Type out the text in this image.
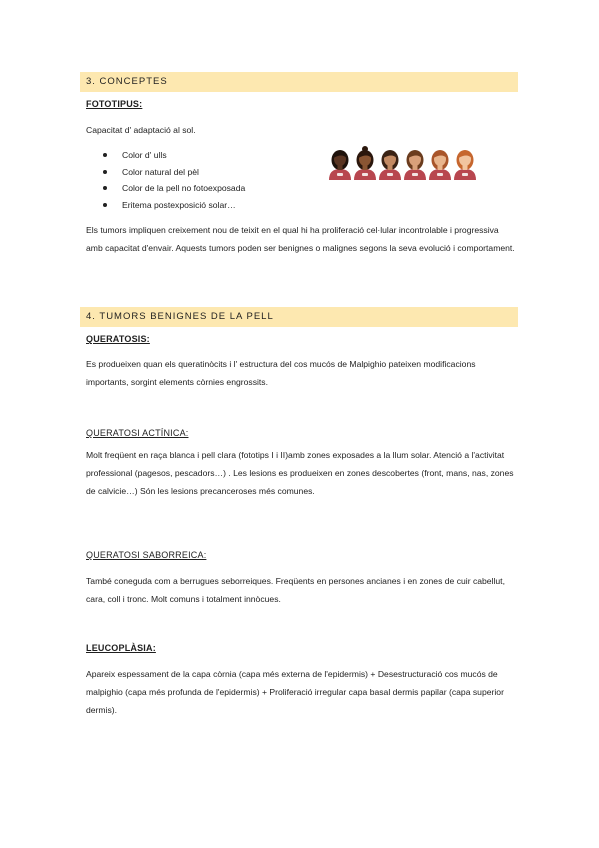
3. CONCEPTES
FOTOTIPUS:
Capacitat d' adaptació al sol.
Color d' ulls
Color natural del pèl
Color de la pell no fotoexposada
Eritema postexposició solar…
Els tumors impliquen creixement nou de teixit en el qual hi ha proliferació cel·lular incontrolable i progressiva amb capacitat d'envair. Aquests tumors poden ser benignes o malignes segons la seva evolució i comportament.
4. TUMORS BENIGNES DE LA PELL
QUERATOSIS:
Es produeixen quan els queratinòcits i l' estructura del cos mucós de Malpighio pateixen modificacions importants, sorgint elements còrnies engrossits.
QUERATOSI ACTÍNICA:
Molt freqüent en raça blanca i pell clara (fototips I i II)amb zones exposades a la llum solar. Atenció a l'activitat professional (pagesos, pescadors…) . Les lesions es produeixen en zones descobertes (front, mans, nas, zones de calvicie…) Són les lesions precanceroses més comunes.
QUERATOSI SABORREICA:
També coneguda com a berrugues seborreiques. Freqüents en persones ancianes i en zones de cuir cabellut, cara, coll i tronc. Molt comuns i totalment innòcues.
LEUCOPLÀSIA:
Apareix espessament de la capa còrnia (capa més externa de l'epidermis) + Desestructuració cos mucós de malpighio (capa més profunda de l'epidermis) + Proliferació irregular capa basal dermis papilar (capa superior dermis).
